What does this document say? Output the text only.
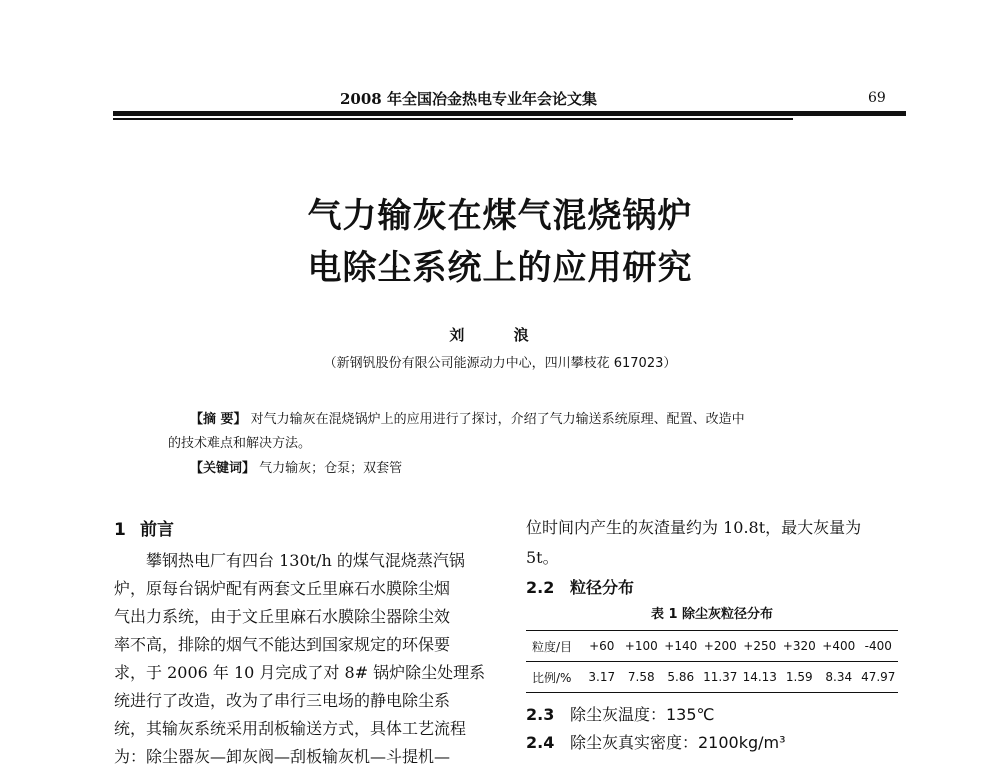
2008 年全国冶金热电专业年会论文集	69
气力输灰在煤气混烧锅炉
电除尘系统上的应用研究
刘 浪
（新钢钒股份有限公司能源动力中心，四川攀枝花 617023）
【摘 要】 对气力输灰在混烧锅炉上的应用进行了探讨，介绍了气力输送系统原理、配置、改造中
的技术难点和解决方法。
【关键词】 气力输灰；仓泵；双套管
1 前言
攀钢热电厂有四台 130t/h 的煤气混烧蒸汽锅
炉，原每台锅炉配有两套文丘里麻石水膜除尘烟
气出力系统，由于文丘里麻石水膜除尘器除尘效
率不高，排除的烟气不能达到国家规定的环保要
求，于 2006 年 10 月完成了对 8# 锅炉除尘处理系
统进行了改造，改为了串行三电场的静电除尘系
统，其输灰系统采用刮板输送方式，具体工艺流程
为：除尘器灰—卸灰阀—刮板输灰机—斗提机—
位时间内产生的灰渣量约为 10.8t，最大灰量为
5t。
2.2 粒径分布
表 1 除尘灰粒径分布
粒度/目	+60 +100 +140 +200 +250 +320 +400 -400
比例/%	3.17	7.58	5.86 11.37 14.13 1.59	8.34 47.97
2.3 除尘灰温度：135℃
2.4 除尘灰真实密度：2100kg/m³
